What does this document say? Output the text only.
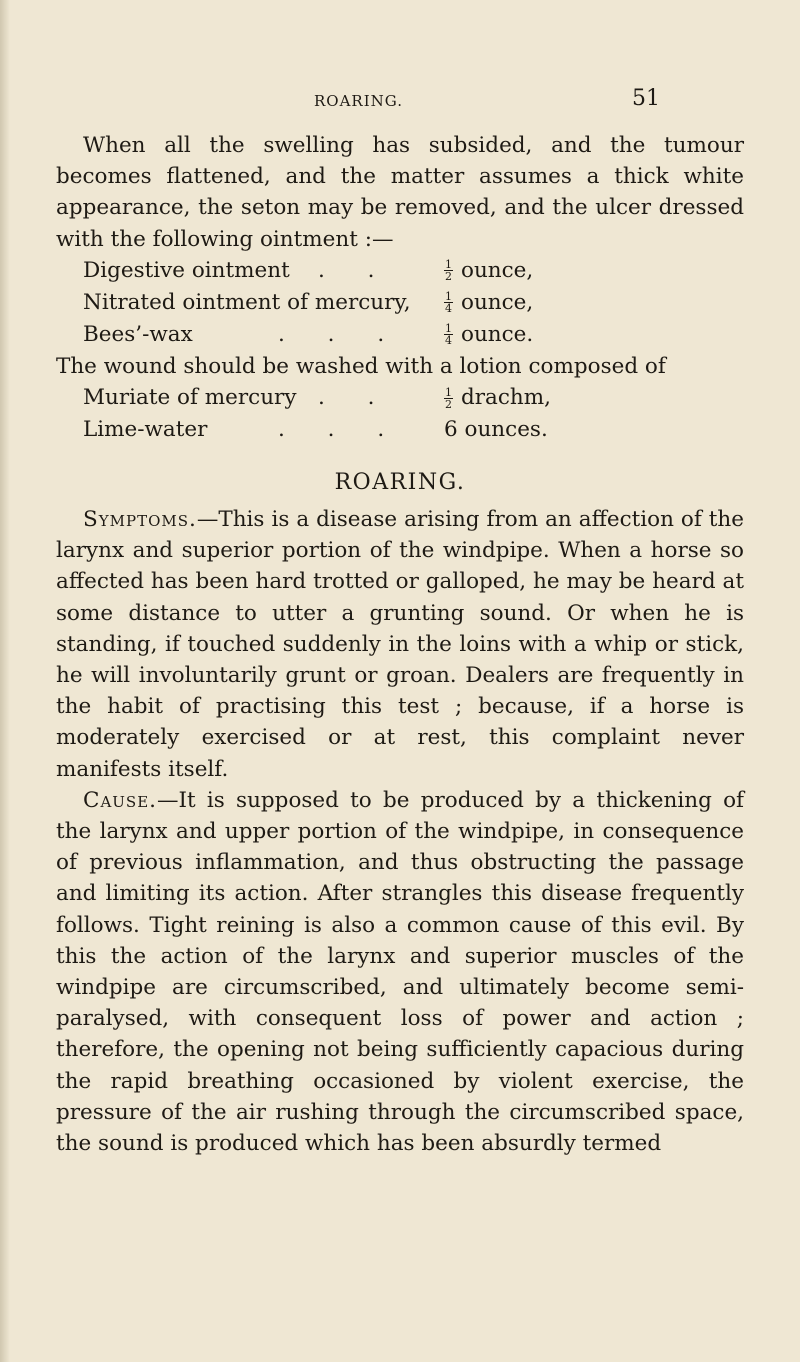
ROARING.	51

When all the swelling has subsided, and the tumour becomes flattened, and the matter assumes a thick white appearance, the seton may be removed, and the ulcer dressed with the following ointment :—

Digestive ointment . .	$\frac{1}{2}$ ounce,
Nitrated ointment of mercury,	$\frac{1}{4}$ ounce,
Bees’-wax	. . .	$\frac{1}{4}$ ounce.

The wound should be washed with a lotion composed of

Muriate of mercury . .	$\frac{1}{2}$ drachm,
Lime-water	. . . 6 ounces.
ROARING.

Symptoms.—This is a disease arising from an affection of the larynx and superior portion of the windpipe. When a horse so affected has been hard trotted or galloped, he may be heard at some distance to utter a grunting sound. Or when he is standing, if touched suddenly in the loins with a whip or stick, he will involuntarily grunt or groan. Dealers are frequently in the habit of practising this test ; because, if a horse is moderately exercised or at rest, this complaint never manifests itself.

Cause.—It is supposed to be produced by a thickening of the larynx and upper portion of the windpipe, in consequence of previous inflammation, and thus obstructing the passage and limiting its action. After strangles this disease frequently follows. Tight reining is also a common cause of this evil. By this the action of the larynx and superior muscles of the windpipe are circumscribed, and ultimately become semi-paralysed, with consequent loss of power and action ; therefore, the opening not being sufficiently capacious during the rapid breathing occasioned by violent exercise, the pressure of the air rushing through the circumscribed space, the sound is produced which has been absurdly termed
